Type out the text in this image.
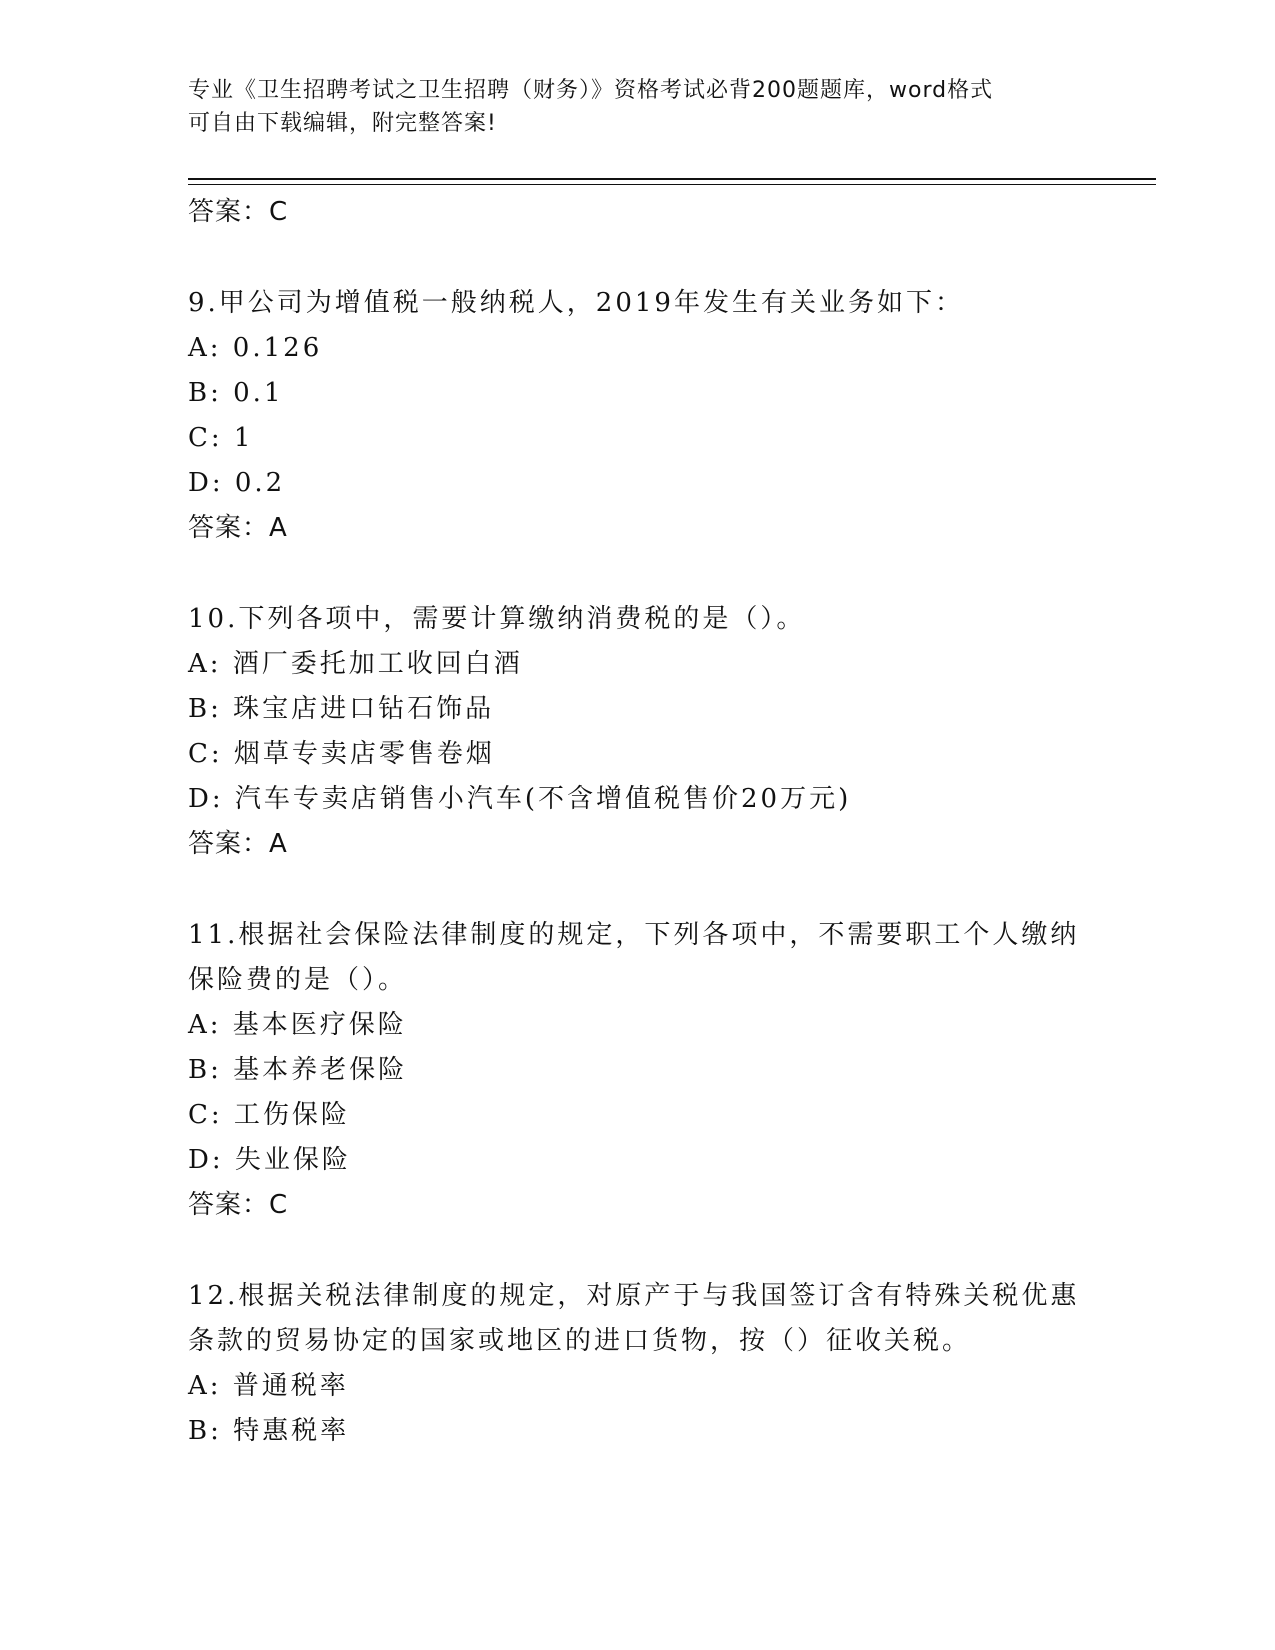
专业《卫生招聘考试之卫生招聘（财务）》资格考试必背200题题库，word格式
可自由下载编辑，附完整答案!
答案：C
9.甲公司为增值税一般纳税人，2019年发生有关业务如下：
A: 0.126
B: 0.1
C: 1
D: 0.2
答案：A
10.下列各项中，需要计算缴纳消费税的是（）。
A: 酒厂委托加工收回白酒
B: 珠宝店进口钻石饰品
C: 烟草专卖店零售卷烟
D: 汽车专卖店销售小汽车(不含增值税售价20万元)
答案：A
11.根据社会保险法律制度的规定，下列各项中，不需要职工个人缴纳保险费的是（）。
A: 基本医疗保险
B: 基本养老保险
C: 工伤保险
D: 失业保险
答案：C
12.根据关税法律制度的规定，对原产于与我国签订含有特殊关税优惠条款的贸易协定的国家或地区的进口货物，按（）征收关税。
A: 普通税率
B: 特惠税率
